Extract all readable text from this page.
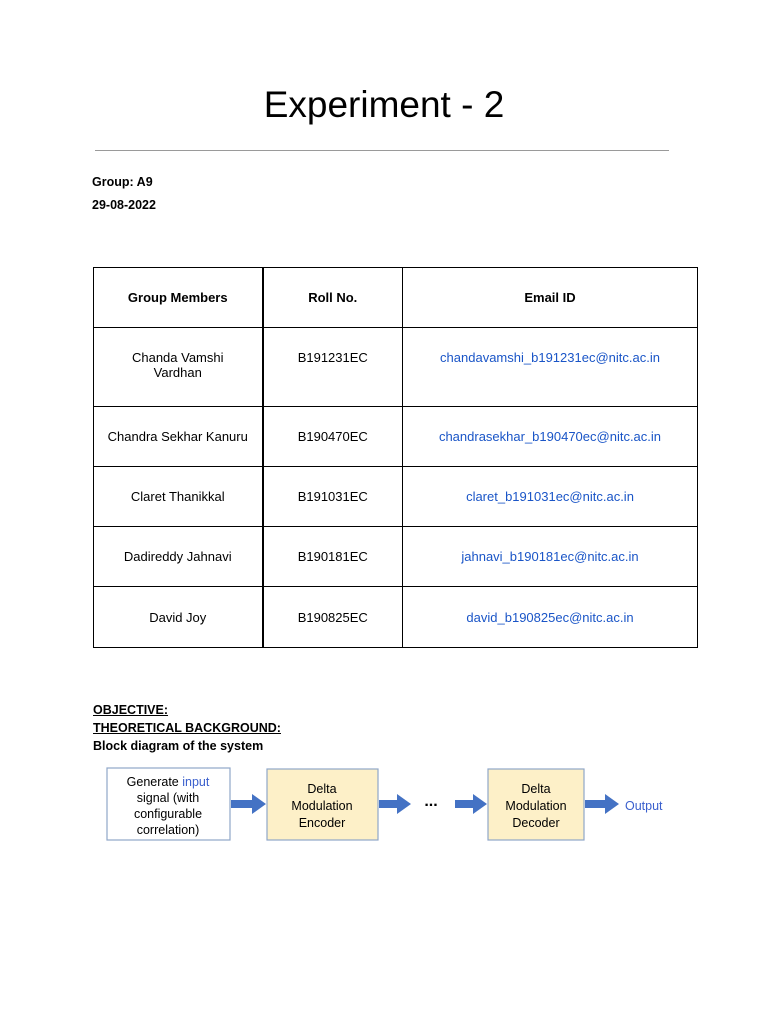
Experiment - 2
Group: A9
29-08-2022
Group Members	Roll No.	Email ID
Chanda Vamshi
Vardhan	B191231EC	chandavamshi_b191231ec@nitc.ac.in
Chandra Sekhar Kanuru	B190470EC	chandrasekhar_b190470ec@nitc.ac.in
Claret Thanikkal	B191031EC	claret_b191031ec@nitc.ac.in
Dadireddy Jahnavi	B190181EC	jahnavi_b190181ec@nitc.ac.in
David Joy	B190825EC	david_b190825ec@nitc.ac.in
OBJECTIVE:
THEORETICAL BACKGROUND:
Block diagram of the system
Generate input
signal (with
configurable
correlation)
Delta
Modulation
Encoder
...
Delta
Modulation
Decoder
Output
